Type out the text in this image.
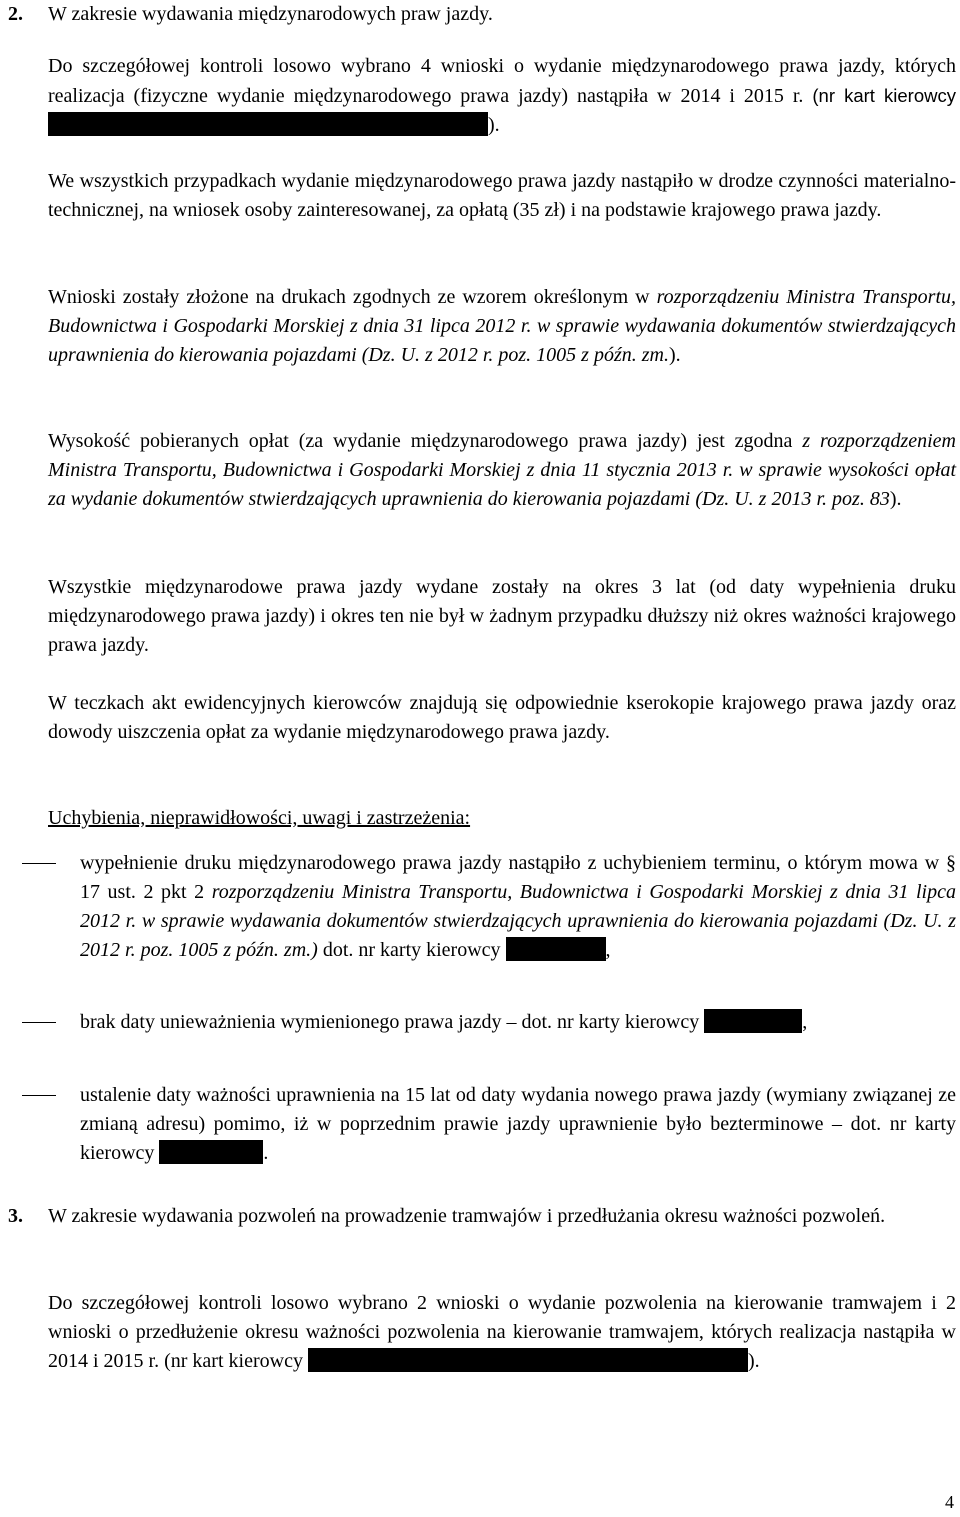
2. W zakresie wydawania międzynarodowych praw jazdy.

Do szczegółowej kontroli losowo wybrano 4 wnioski o wydanie międzynarodowego prawa jazdy, których realizacja (fizyczne wydanie międzynarodowego prawa jazdy) nastąpiła w 2014 i 2015 r. (nr kart kierowcy ).

We wszystkich przypadkach wydanie międzynarodowego prawa jazdy nastąpiło w drodze czynności materialno-technicznej, na wniosek osoby zainteresowanej, za opłatą (35 zł) i na podstawie krajowego prawa jazdy.

Wnioski zostały złożone na drukach zgodnych ze wzorem określonym w rozporządzeniu Ministra Transportu, Budownictwa i Gospodarki Morskiej z dnia 31 lipca 2012 r. w sprawie wydawania dokumentów stwierdzających uprawnienia do kierowania pojazdami (Dz. U. z 2012 r. poz. 1005 z późn. zm.).

Wysokość pobieranych opłat (za wydanie międzynarodowego prawa jazdy) jest zgodna z rozporządzeniem Ministra Transportu, Budownictwa i Gospodarki Morskiej z dnia 11 stycznia 2013 r. w sprawie wysokości opłat za wydanie dokumentów stwierdzających uprawnienia do kierowania pojazdami (Dz. U. z 2013 r. poz. 83).

Wszystkie międzynarodowe prawa jazdy wydane zostały na okres 3 lat (od daty wypełnienia druku międzynarodowego prawa jazdy) i okres ten nie był w żadnym przypadku dłuższy niż okres ważności krajowego prawa jazdy.

W teczkach akt ewidencyjnych kierowców znajdują się odpowiednie kserokopie krajowego prawa jazdy oraz dowody uiszczenia opłat za wydanie międzynarodowego prawa jazdy.

Uchybienia, nieprawidłowości, uwagi i zastrzeżenia:

wypełnienie druku międzynarodowego prawa jazdy nastąpiło z uchybieniem terminu, o którym mowa w § 17 ust. 2 pkt 2 rozporządzeniu Ministra Transportu, Budownictwa i Gospodarki Morskiej z dnia 31 lipca 2012 r. w sprawie wydawania dokumentów stwierdzających uprawnienia do kierowania pojazdami (Dz. U. z 2012 r. poz. 1005 z późn. zm.) dot. nr karty kierowcy	,

brak daty unieważnienia wymienionego prawa jazdy – dot. nr karty kierowcy	,

ustalenie daty ważności uprawnienia na 15 lat od daty wydania nowego prawa jazdy (wymiany związanej ze zmianą adresu) pomimo, iż w poprzednim prawie jazdy uprawnienie było bezterminowe – dot. nr karty kierowcy	.

3. W zakresie wydawania pozwoleń na prowadzenie tramwajów i przedłużania okresu ważności pozwoleń.

Do szczegółowej kontroli losowo wybrano 2 wnioski o wydanie pozwolenia na kierowanie tramwajem i 2 wnioski o przedłużenie okresu ważności pozwolenia na kierowanie tramwajem, których realizacja nastąpiła w 2014 i 2015 r. (nr kart kierowcy	).

4
